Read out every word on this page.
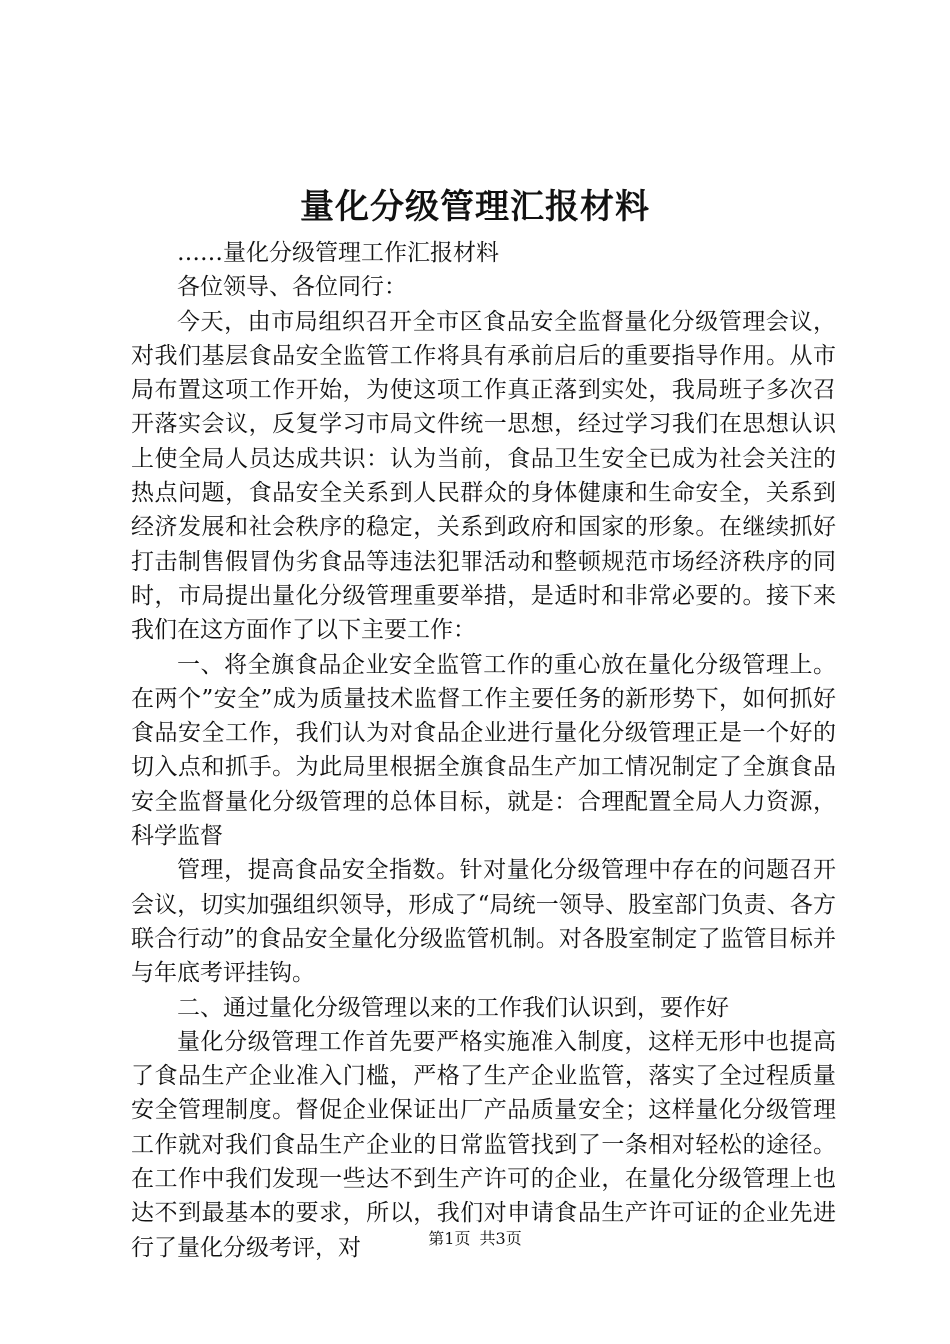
量化分级管理汇报材料

……量化分级管理工作汇报材料

各位领导、各位同行：

今天，由市局组织召开全市区食品安全监督量化分级管理会议，对我们基层食品安全监管工作将具有承前启后的重要指导作用。从市局布置这项工作开始，为使这项工作真正落到实处，我局班子多次召开落实会议，反复学习市局文件统一思想，经过学习我们在思想认识上使全局人员达成共识：认为当前，食品卫生安全已成为社会关注的热点问题，食品安全关系到人民群众的身体健康和生命安全，关系到经济发展和社会秩序的稳定，关系到政府和国家的形象。在继续抓好打击制售假冒伪劣食品等违法犯罪活动和整顿规范市场经济秩序的同时，市局提出量化分级管理重要举措，是适时和非常必要的。接下来我们在这方面作了以下主要工作：

一、将全旗食品企业安全监管工作的重心放在量化分级管理上。在两个”安全”成为质量技术监督工作主要任务的新形势下，如何抓好食品安全工作，我们认为对食品企业进行量化分级管理正是一个好的切入点和抓手。为此局里根据全旗食品生产加工情况制定了全旗食品安全监督量化分级管理的总体目标，就是：合理配置全局人力资源，科学监督

管理，提高食品安全指数。针对量化分级管理中存在的问题召开会议，切实加强组织领导，形成了“局统一领导、股室部门负责、各方联合行动”的食品安全量化分级监管机制。对各股室制定了监管目标并与年底考评挂钩。

二、通过量化分级管理以来的工作我们认识到，要作好

量化分级管理工作首先要严格实施准入制度，这样无形中也提高了食品生产企业准入门槛，严格了生产企业监管，落实了全过程质量安全管理制度。督促企业保证出厂产品质量安全；这样量化分级管理工作就对我们食品生产企业的日常监管找到了一条相对轻松的途径。在工作中我们发现一些达不到生产许可的企业，在量化分级管理上也达不到最基本的要求，所以，我们对申请食品生产许可证的企业先进行了量化分级考评，对	第1页 共3页
